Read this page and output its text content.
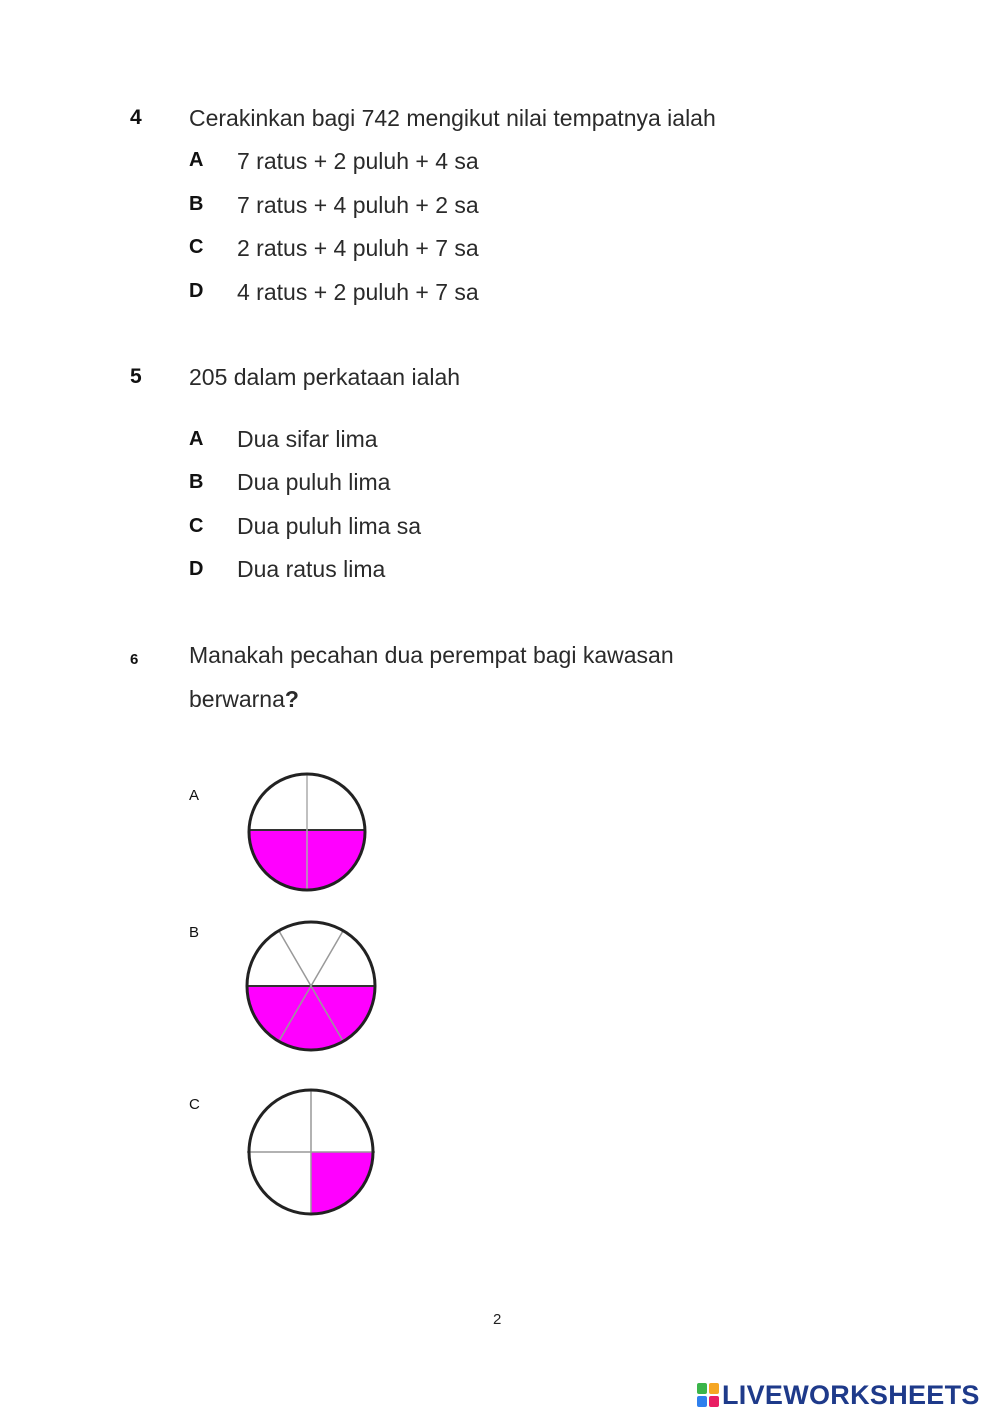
4 Cerakinkan bagi 742 mengikut nilai tempatnya ialah
A 7 ratus + 2 puluh + 4 sa
B 7 ratus + 4 puluh + 2 sa
C 2 ratus + 4 puluh + 7 sa
D 4 ratus + 2 puluh + 7 sa
5 205 dalam perkataan ialah
A Dua sifar lima
B Dua puluh lima
C Dua puluh lima sa
D Dua ratus lima
6 Manakah pecahan dua perempat bagi kawasan
berwarna?
A
B
C
2
LIVEWORKSHEETS
